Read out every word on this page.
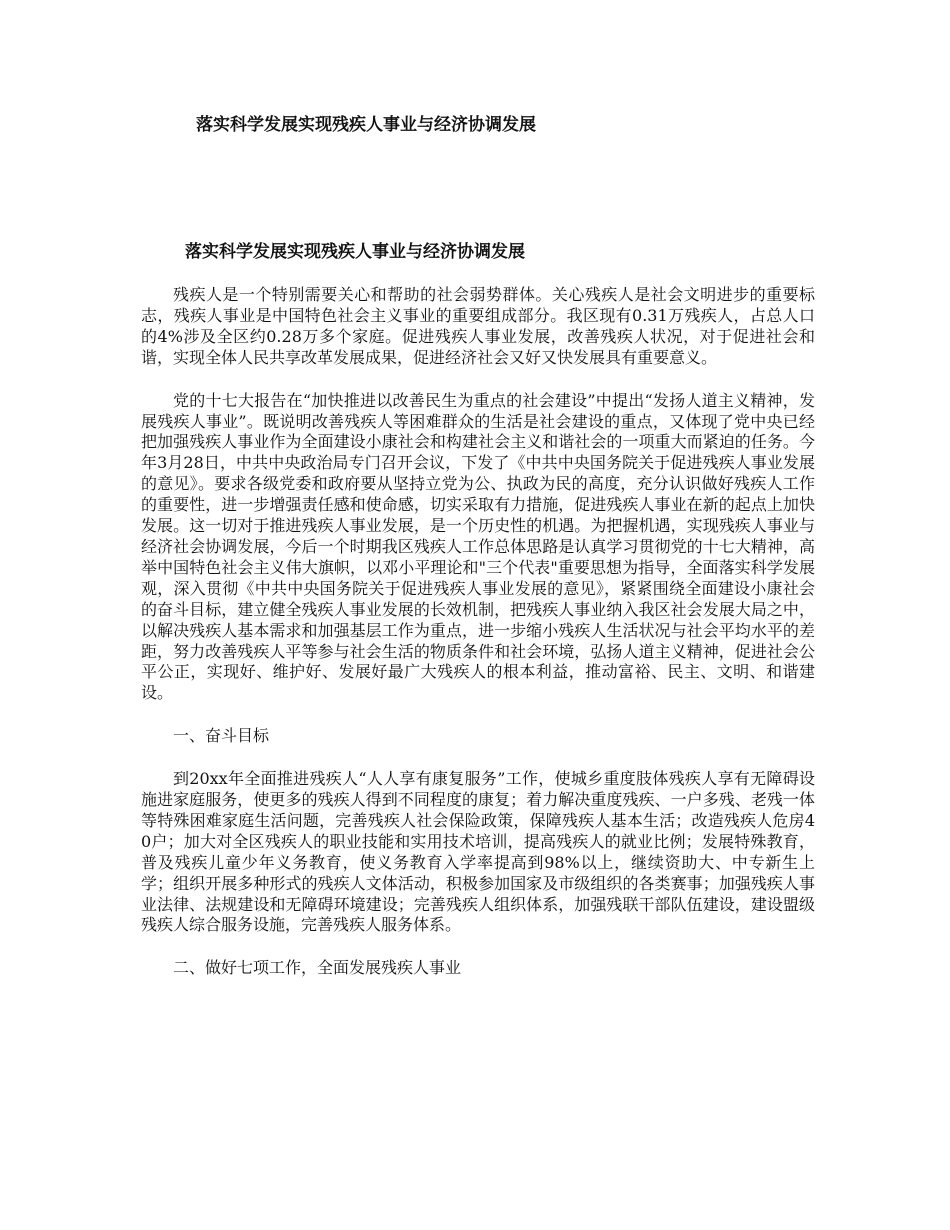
落实科学发展实现残疾人事业与经济协调发展
落实科学发展实现残疾人事业与经济协调发展

残疾人是一个特别需要关心和帮助的社会弱势群体。关心残疾人是社会文明进步的重要标志，残疾人事业是中国特色社会主义事业的重要组成部分。我区现有0.31万残疾人，占总人口的4%涉及全区约0.28万多个家庭。促进残疾人事业发展，改善残疾人状况，对于促进社会和谐，实现全体人民共享改革发展成果，促进经济社会又好又快发展具有重要意义。

党的十七大报告在“加快推进以改善民生为重点的社会建设”中提出“发扬人道主义精神，发展残疾人事业”。既说明改善残疾人等困难群众的生活是社会建设的重点，又体现了党中央已经把加强残疾人事业作为全面建设小康社会和构建社会主义和谐社会的一项重大而紧迫的任务。今年3月28日，中共中央政治局专门召开会议，下发了《中共中央国务院关于促进残疾人事业发展的意见》。要求各级党委和政府要从坚持立党为公、执政为民的高度，充分认识做好残疾人工作的重要性，进一步增强责任感和使命感，切实采取有力措施，促进残疾人事业在新的起点上加快发展。这一切对于推进残疾人事业发展，是一个历史性的机遇。为把握机遇，实现残疾人事业与经济社会协调发展，今后一个时期我区残疾人工作总体思路是认真学习贯彻党的十七大精神，高举中国特色社会主义伟大旗帜，以邓小平理论和"三个代表"重要思想为指导，全面落实科学发展观，深入贯彻《中共中央国务院关于促进残疾人事业发展的意见》，紧紧围绕全面建设小康社会的奋斗目标，建立健全残疾人事业发展的长效机制，把残疾人事业纳入我区社会发展大局之中，以解决残疾人基本需求和加强基层工作为重点，进一步缩小残疾人生活状况与社会平均水平的差距，努力改善残疾人平等参与社会生活的物质条件和社会环境，弘扬人道主义精神，促进社会公平公正，实现好、维护好、发展好最广大残疾人的根本利益，推动富裕、民主、文明、和谐建设。

一、奋斗目标

到20xx年全面推进残疾人“人人享有康复服务”工作，使城乡重度肢体残疾人享有无障碍设施进家庭服务，使更多的残疾人得到不同程度的康复；着力解决重度残疾、一户多残、老残一体等特殊困难家庭生活问题，完善残疾人社会保险政策，保障残疾人基本生活；改造残疾人危房40户；加大对全区残疾人的职业技能和实用技术培训，提高残疾人的就业比例；发展特殊教育，普及残疾儿童少年义务教育，使义务教育入学率提高到98%以上，继续资助大、中专新生上学；组织开展多种形式的残疾人文体活动，积极参加国家及市级组织的各类赛事；加强残疾人事业法律、法规建设和无障碍环境建设；完善残疾人组织体系，加强残联干部队伍建设，建设盟级残疾人综合服务设施，完善残疾人服务体系。

二、做好七项工作，全面发展残疾人事业
